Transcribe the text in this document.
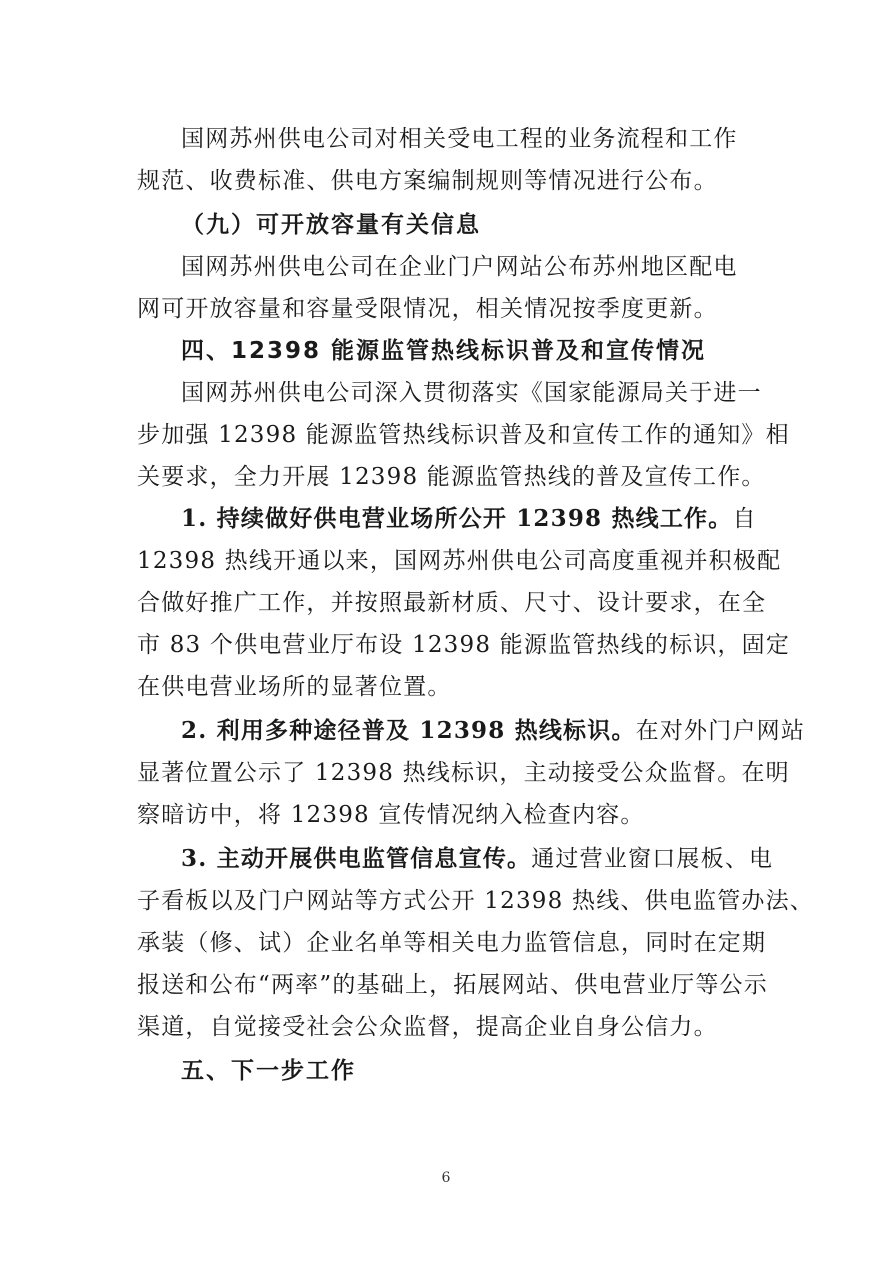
国网苏州供电公司对相关受电工程的业务流程和工作
规范、收费标准、供电方案编制规则等情况进行公布。
（九）可开放容量有关信息
国网苏州供电公司在企业门户网站公布苏州地区配电
网可开放容量和容量受限情况，相关情况按季度更新。
四、12398 能源监管热线标识普及和宣传情况
国网苏州供电公司深入贯彻落实《国家能源局关于进一
步加强 12398 能源监管热线标识普及和宣传工作的通知》相
关要求，全力开展 12398 能源监管热线的普及宣传工作。
1. 持续做好供电营业场所公开 12398 热线工作。自
12398 热线开通以来，国网苏州供电公司高度重视并积极配
合做好推广工作，并按照最新材质、尺寸、设计要求，在全
市 83 个供电营业厅布设 12398 能源监管热线的标识，固定
在供电营业场所的显著位置。
2. 利用多种途径普及 12398 热线标识。在对外门户网站
显著位置公示了 12398 热线标识，主动接受公众监督。在明
察暗访中，将 12398 宣传情况纳入检查内容。
3. 主动开展供电监管信息宣传。通过营业窗口展板、电
子看板以及门户网站等方式公开 12398 热线、供电监管办法、
承装（修、试）企业名单等相关电力监管信息，同时在定期
报送和公布“两率”的基础上，拓展网站、供电营业厅等公示
渠道，自觉接受社会公众监督，提高企业自身公信力。
五、下一步工作
6
